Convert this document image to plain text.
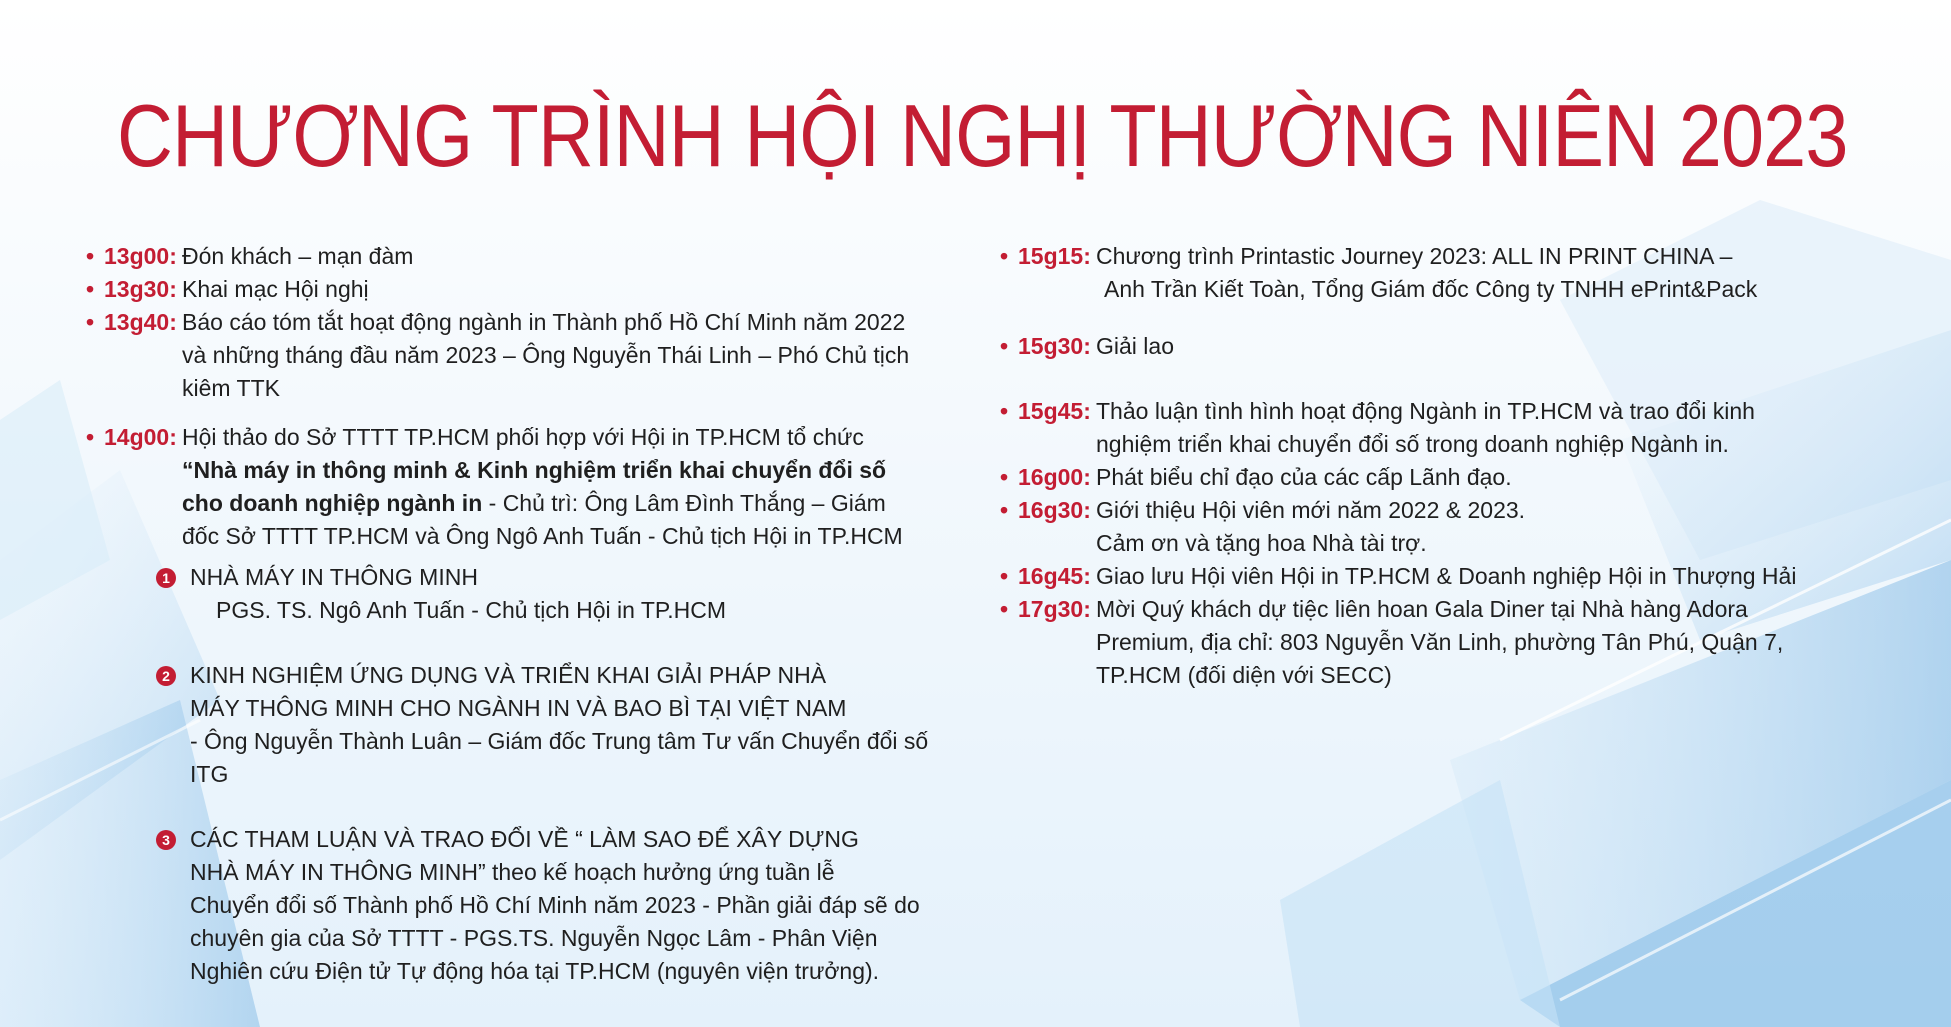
CHƯƠNG TRÌNH HỘI NGHỊ THƯỜNG NIÊN 2023
• 13g00: Đón khách – mạn đàm
• 13g30: Khai mạc Hội nghị
• 13g40: Báo cáo tóm tắt hoạt động ngành in Thành phố Hồ Chí Minh năm 2022
và những tháng đầu năm 2023 – Ông Nguyễn Thái Linh – Phó Chủ tịch
kiêm TTK
• 14g00: Hội thảo do Sở TTTT TP.HCM phối hợp với Hội in TP.HCM tổ chức
“Nhà máy in thông minh & Kinh nghiệm triển khai chuyển đổi số
cho doanh nghiệp ngành in - Chủ trì: Ông Lâm Đình Thắng – Giám
đốc Sở TTTT TP.HCM và Ông Ngô Anh Tuấn - Chủ tịch Hội in TP.HCM
1 NHÀ MÁY IN THÔNG MINH
PGS. TS. Ngô Anh Tuấn - Chủ tịch Hội in TP.HCM
2 KINH NGHIỆM ỨNG DỤNG VÀ TRIỂN KHAI GIẢI PHÁP NHÀ
MÁY THÔNG MINH CHO NGÀNH IN VÀ BAO BÌ TẠI VIỆT NAM
- Ông Nguyễn Thành Luân – Giám đốc Trung tâm Tư vấn Chuyển đổi số ITG
3 CÁC THAM LUẬN VÀ TRAO ĐỔI VỀ “ LÀM SAO ĐỂ XÂY DỰNG
NHÀ MÁY IN THÔNG MINH” theo kế hoạch hưởng ứng tuần lễ
Chuyển đổi số Thành phố Hồ Chí Minh năm 2023 - Phần giải đáp sẽ do
chuyên gia của Sở TTTT - PGS.TS. Nguyễn Ngọc Lâm - Phân Viện
Nghiên cứu Điện tử Tự động hóa tại TP.HCM (nguyên viện trưởng).
• 15g15: Chương trình Printastic Journey 2023: ALL IN PRINT CHINA –
Anh Trần Kiết Toàn, Tổng Giám đốc Công ty TNHH ePrint&Pack
• 15g30: Giải lao
• 15g45: Thảo luận tình hình hoạt động Ngành in TP.HCM và trao đổi kinh
nghiệm triển khai chuyển đổi số trong doanh nghiệp Ngành in.
• 16g00: Phát biểu chỉ đạo của các cấp Lãnh đạo.
• 16g30: Giới thiệu Hội viên mới năm 2022 & 2023.
Cảm ơn và tặng hoa Nhà tài trợ.
• 16g45: Giao lưu Hội viên Hội in TP.HCM & Doanh nghiệp Hội in Thượng Hải
• 17g30: Mời Quý khách dự tiệc liên hoan Gala Diner tại Nhà hàng Adora
Premium, địa chỉ: 803 Nguyễn Văn Linh, phường Tân Phú, Quận 7,
TP.HCM (đối diện với SECC)
